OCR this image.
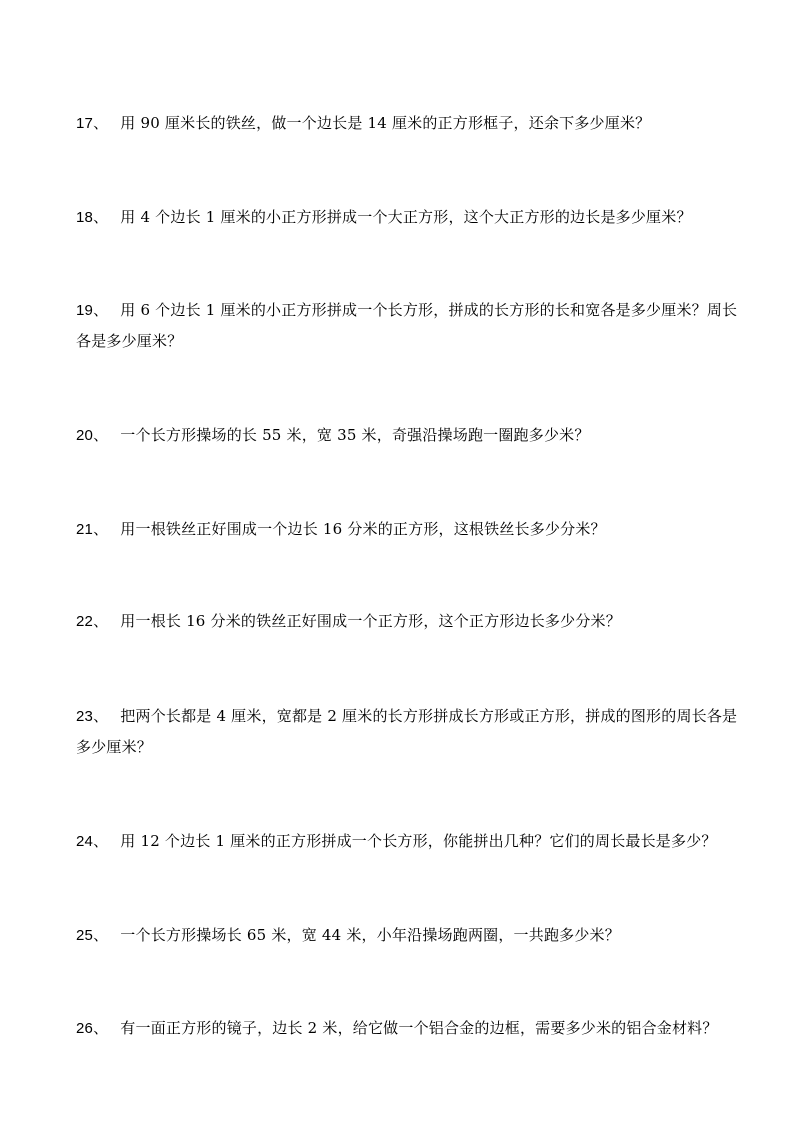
17、 用 90 厘米长的铁丝，做一个边长是 14 厘米的正方形框子，还余下多少厘米？
18、 用 4 个边长 1 厘米的小正方形拼成一个大正方形，这个大正方形的边长是多少厘米？
19、 用 6 个边长 1 厘米的小正方形拼成一个长方形，拼成的长方形的长和宽各是多少厘米？周长各是多少厘米？
20、 一个长方形操场的长 55 米，宽 35 米，奇强沿操场跑一圈跑多少米？
21、 用一根铁丝正好围成一个边长 16 分米的正方形，这根铁丝长多少分米？
22、 用一根长 16 分米的铁丝正好围成一个正方形，这个正方形边长多少分米？
23、 把两个长都是 4 厘米，宽都是 2 厘米的长方形拼成长方形或正方形，拼成的图形的周长各是多少厘米？
24、 用 12 个边长 1 厘米的正方形拼成一个长方形，你能拼出几种？它们的周长最长是多少？
25、 一个长方形操场长 65 米，宽 44 米，小年沿操场跑两圈，一共跑多少米？
26、 有一面正方形的镜子，边长 2 米，给它做一个铝合金的边框，需要多少米的铝合金材料？
